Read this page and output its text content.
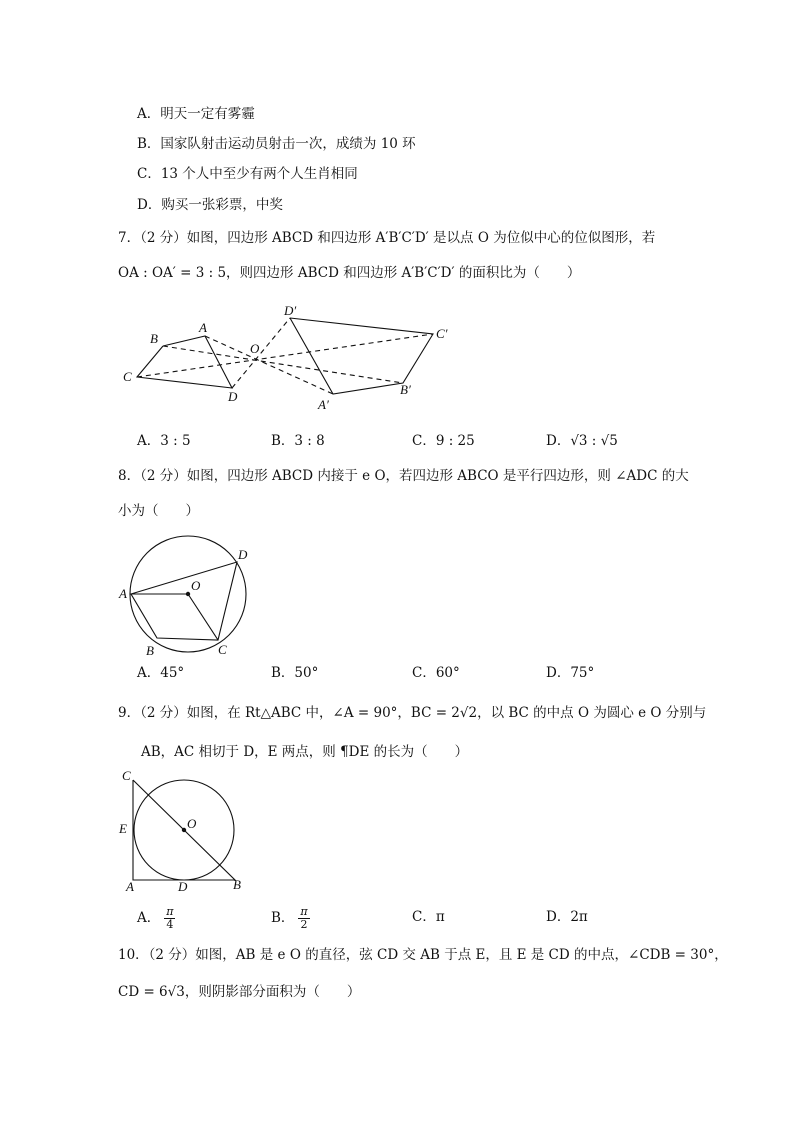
A．明天一定有雾霾
B．国家队射击运动员射击一次，成绩为 10 环
C．13 个人中至少有两个人生肖相同
D．购买一张彩票，中奖
7．（2 分）如图，四边形 ABCD 和四边形 A′B′C′D′ 是以点 O 为位似中心的位似图形，若
OA : OA′ = 3 : 5，则四边形 ABCD 和四边形 A′B′C′D′ 的面积比为（　　）
B
A
C
D
O
D′
C′
B′
A′
A．3 : 5	B．3 : 8	C．9 : 25	D．√3 : √5
8．（2 分）如图，四边形 ABCD 内接于 e O，若四边形 ABCO 是平行四边形，则 ∠ADC 的大
小为（　　）
A
D
O
B	C
A．45°	B．50°	C．60°	D．75°
9．（2 分）如图，在 Rt△ABC 中，∠A = 90°，BC = 2√2，以 BC 的中点 O 为圆心 e O 分别与
AB，AC 相切于 D，E 两点，则 ¶DE 的长为（　　）
C
E	O
A	D	B
A． $\frac{\pi}{4}$	B． $\frac{\pi}{2}$	C．π	D．2π
10．（2 分）如图，AB 是 e O 的直径，弦 CD 交 AB 于点 E，且 E 是 CD 的中点，∠CDB = 30°，
CD = 6√3，则阴影部分面积为（　　）
